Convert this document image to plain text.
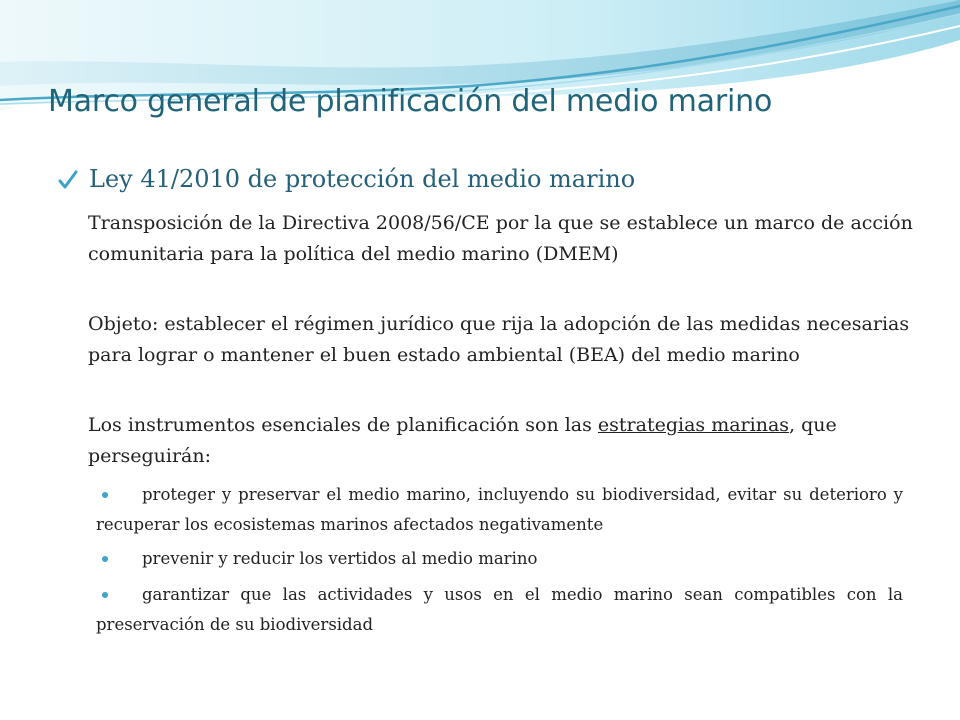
Marco general de planificación del medio marino
Ley 41/2010 de protección del medio marino

Transposición de la Directiva 2008/56/CE por la que se establece un marco de acción comunitaria para la política del medio marino (DMEM)

Objeto: establecer el régimen jurídico que rija la adopción de las medidas necesarias para lograr o mantener el buen estado ambiental (BEA) del medio marino

Los instrumentos esenciales de planificación son las estrategias marinas, que perseguirán:

proteger y preservar el medio marino, incluyendo su biodiversidad, evitar su deterioro y recuperar los ecosistemas marinos afectados negativamente

prevenir y reducir los vertidos al medio marino

garantizar que las actividades y usos en el medio marino sean compatibles con la preservación de su biodiversidad
